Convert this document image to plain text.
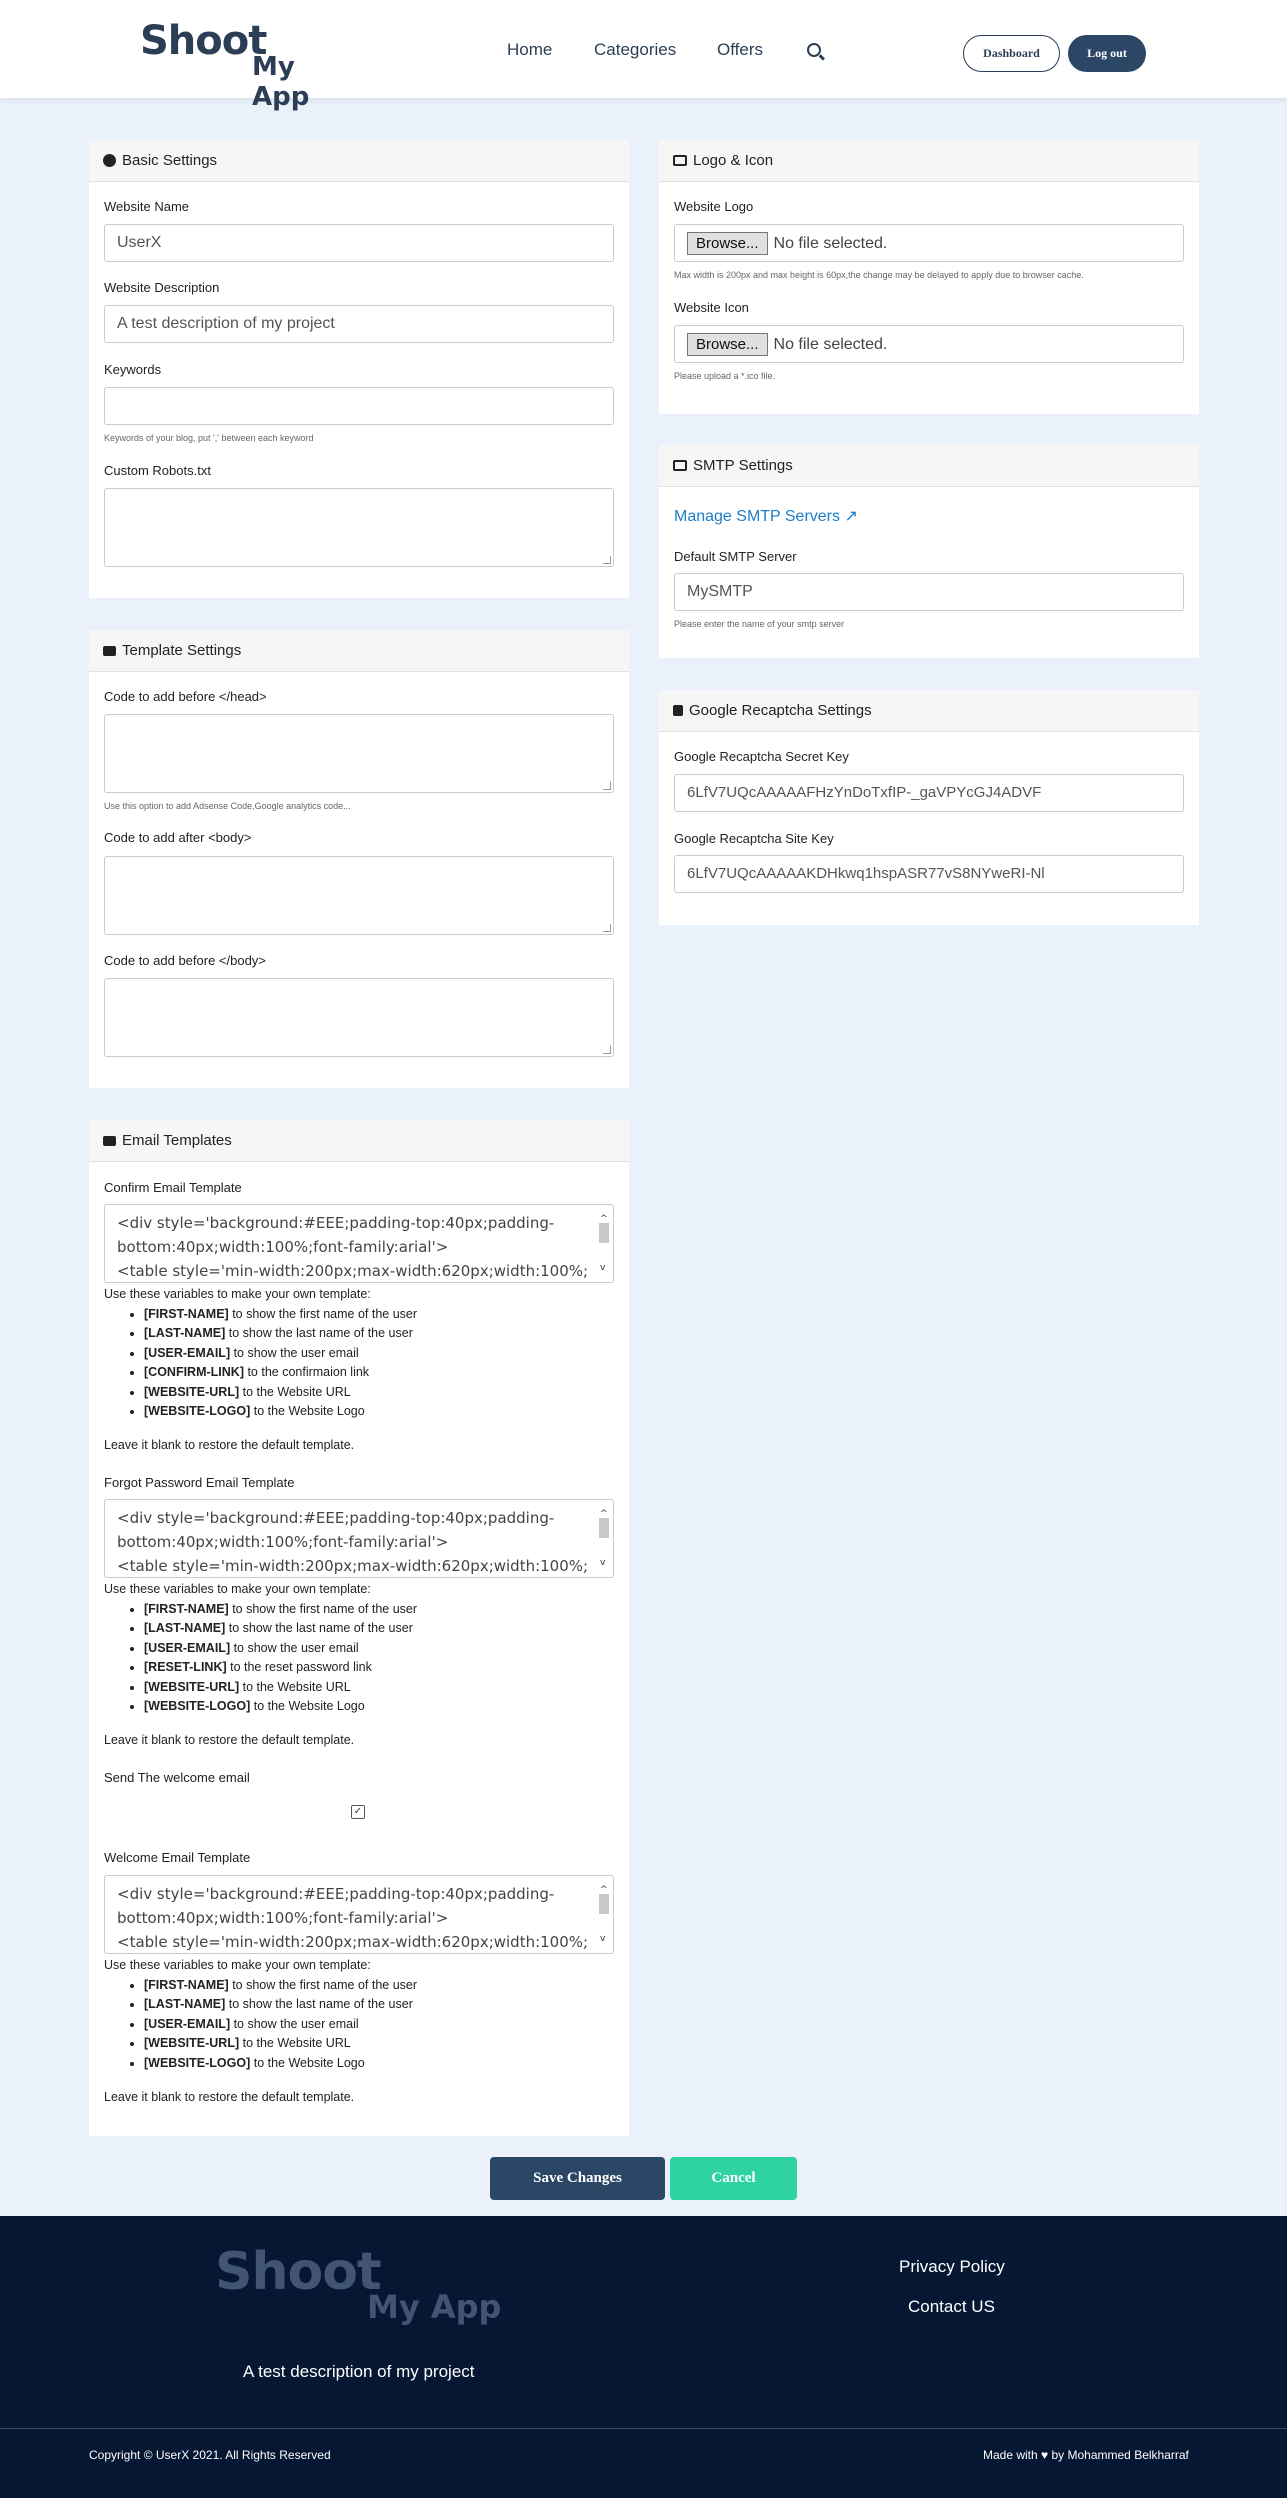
Shoot
My App
Home Categories Offers	Dashboard	Log out
Basic Settings
Website Name
UserX
Website Description
A test description of my project
Keywords
Keywords of your blog, put ',' between each keyword
Custom Robots.txt
Template Settings
Code to add before </head>
Use this option to add Adsense Code,Google analytics code...
Code to add after <body>
Code to add before </body>
Email Templates
Confirm Email Template
<div style='background:#EEE;padding-top:40px;padding-
bottom:40px;width:100%;font-family:arial'>
<table style='min-width:200px;max-width:620px;width:100%;
^ v
Use these variables to make your own template:
• [FIRST-NAME] to show the first name of the user
• [LAST-NAME] to show the last name of the user
• [USER-EMAIL] to show the user email
• [CONFIRM-LINK] to the confirmaion link
• [WEBSITE-URL] to the Website URL
• [WEBSITE-LOGO] to the Website Logo
Leave it blank to restore the default template.
Forgot Password Email Template
<div style='background:#EEE;padding-top:40px;padding-
bottom:40px;width:100%;font-family:arial'>
<table style='min-width:200px;max-width:620px;width:100%;
^ v
Use these variables to make your own template:
• [FIRST-NAME] to show the first name of the user
• [LAST-NAME] to show the last name of the user
• [USER-EMAIL] to show the user email
• [RESET-LINK] to the reset password link
• [WEBSITE-URL] to the Website URL
• [WEBSITE-LOGO] to the Website Logo
Leave it blank to restore the default template.
Send The welcome email
✓
Welcome Email Template
<div style='background:#EEE;padding-top:40px;padding-
bottom:40px;width:100%;font-family:arial'>
<table style='min-width:200px;max-width:620px;width:100%;
^ v
Use these variables to make your own template:
• [FIRST-NAME] to show the first name of the user
• [LAST-NAME] to show the last name of the user
• [USER-EMAIL] to show the user email
• [WEBSITE-URL] to the Website URL
• [WEBSITE-LOGO] to the Website Logo
Leave it blank to restore the default template.
Logo & Icon
Website Logo
Browse... No file selected.
Max width is 200px and max height is 60px,the change may be delayed to apply due to browser cache.
Website Icon
Browse... No file selected.
Please upload a *.ico file.
SMTP Settings
Manage SMTP Servers ↗
Default SMTP Server
MySMTP
Please enter the name of your smtp server
Google Recaptcha Settings
Google Recaptcha Secret Key
6LfV7UQcAAAAAFHzYnDoTxfIP-_gaVPYcGJ4ADVF
Google Recaptcha Site Key
6LfV7UQcAAAAAKDHkwq1hspASR77vS8NYweRI-Nl
Save Changes	Cancel
Shoot
My App
A test description of my project
Privacy Policy
Contact US
Copyright © UserX 2021. All Rights Reserved	Made with ♥ by Mohammed Belkharraf
